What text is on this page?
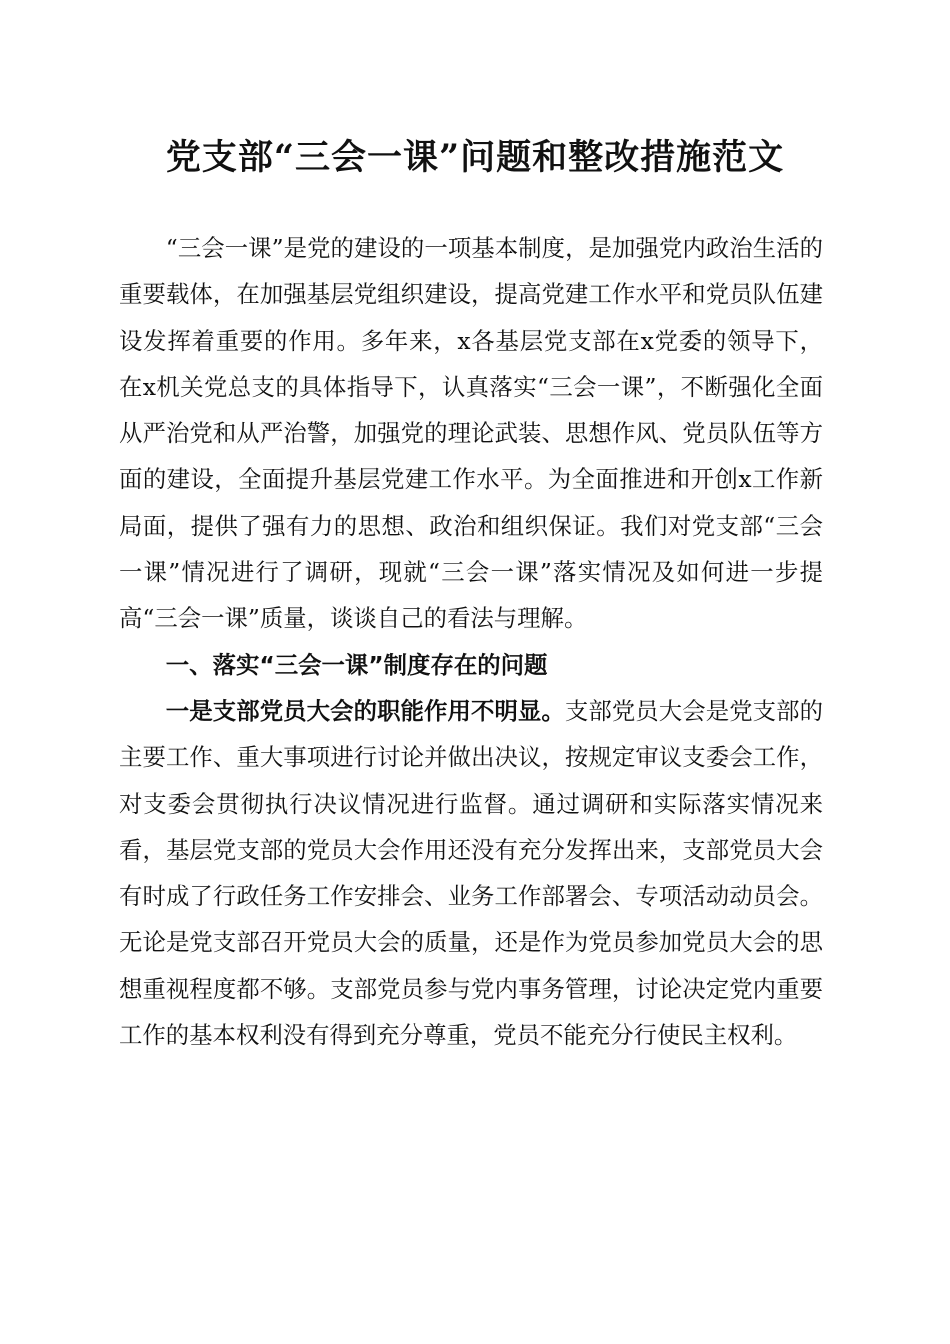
党支部“三会一课”问题和整改措施范文

“三会一课”是党的建设的一项基本制度，是加强党内政治生活的重要载体，在加强基层党组织建设，提高党建工作水平和党员队伍建设发挥着重要的作用。多年来，x各基层党支部在x党委的领导下，在x机关党总支的具体指导下，认真落实“三会一课”，不断强化全面从严治党和从严治警，加强党的理论武装、思想作风、党员队伍等方面的建设，全面提升基层党建工作水平。为全面推进和开创x工作新局面，提供了强有力的思想、政治和组织保证。我们对党支部“三会一课”情况进行了调研，现就“三会一课”落实情况及如何进一步提高“三会一课”质量，谈谈自己的看法与理解。

一、落实“三会一课”制度存在的问题

一是支部党员大会的职能作用不明显。支部党员大会是党支部的主要工作、重大事项进行讨论并做出决议，按规定审议支委会工作，对支委会贯彻执行决议情况进行监督。通过调研和实际落实情况来看，基层党支部的党员大会作用还没有充分发挥出来，支部党员大会有时成了行政任务工作安排会、业务工作部署会、专项活动动员会。无论是党支部召开党员大会的质量，还是作为党员参加党员大会的思想重视程度都不够。支部党员参与党内事务管理，讨论决定党内重要工作的基本权利没有得到充分尊重，党员不能充分行使民主权利。
